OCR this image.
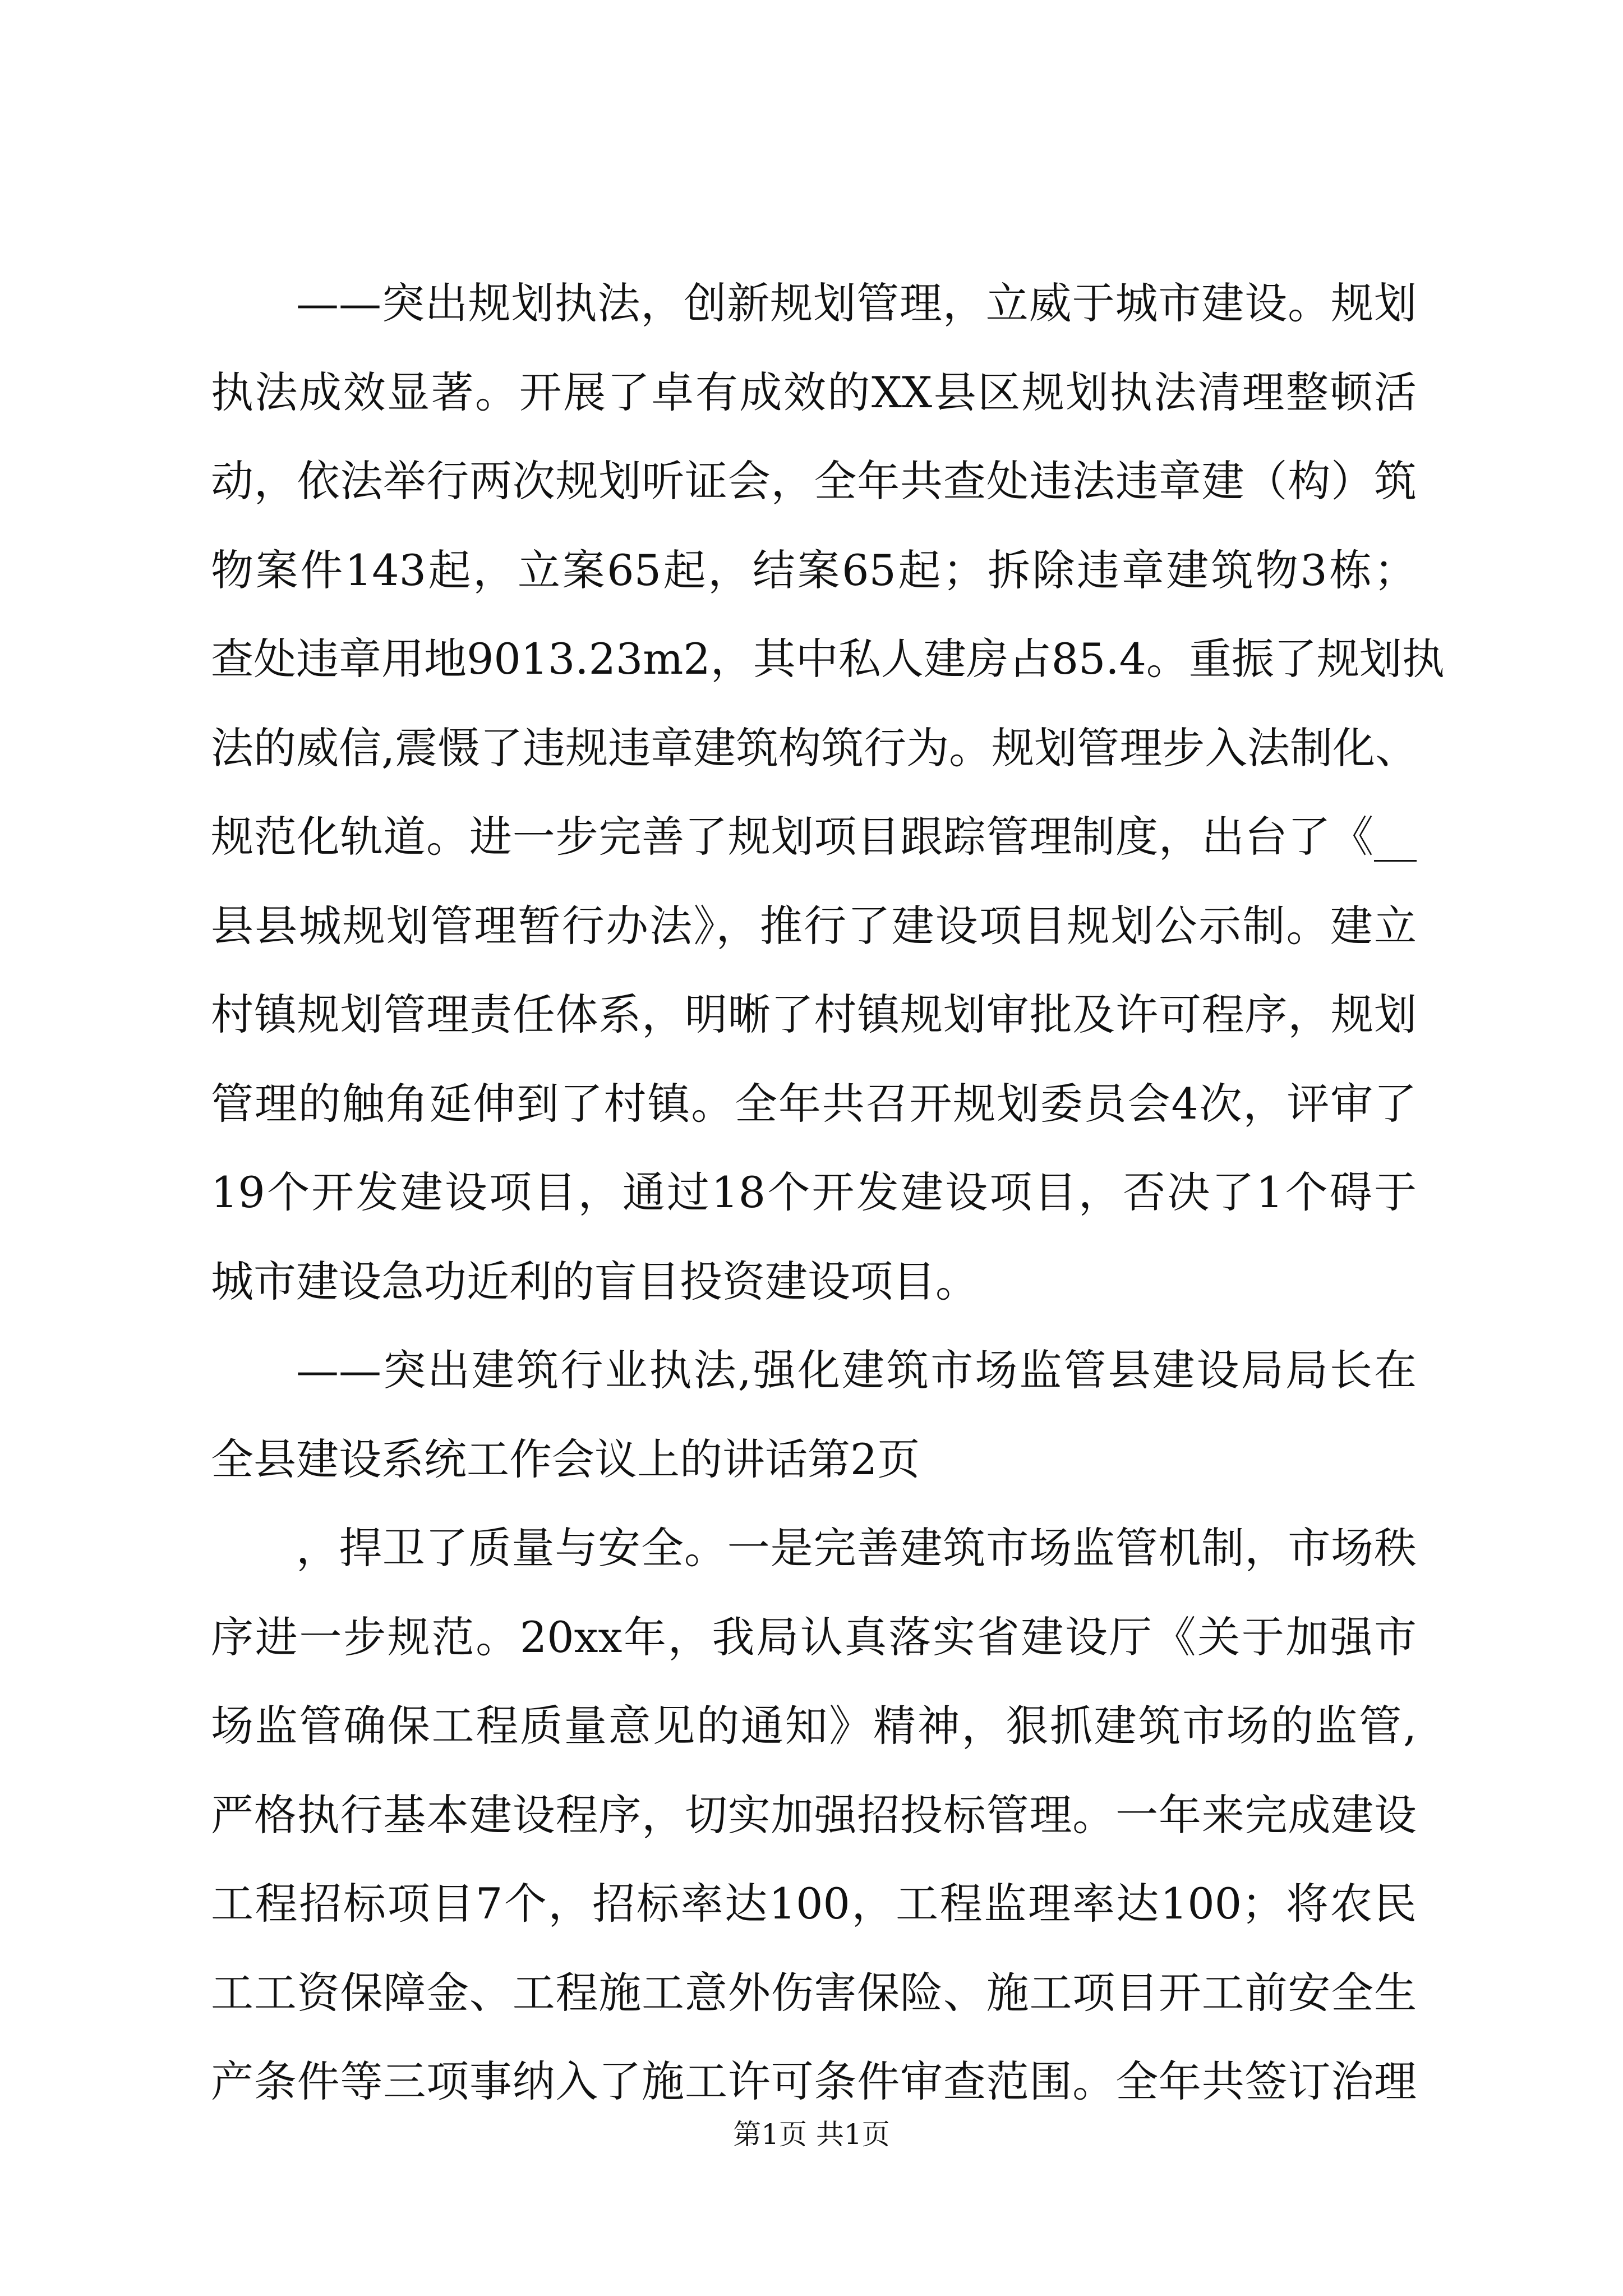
——突出规划执法，创新规划管理，立威于城市建设。规划
执法成效显著。开展了卓有成效的XX县区规划执法清理整顿活
动，依法举行两次规划听证会，全年共查处违法违章建（构）筑
物案件143起，立案65起，结案65起；拆除违章建筑物3栋；
查处违章用地9013.23m2，其中私人建房占85.4。重振了规划执
法的威信,震慑了违规违章建筑构筑行为。规划管理步入法制化、
规范化轨道。进一步完善了规划项目跟踪管理制度，出台了《__
县县城规划管理暂行办法》，推行了建设项目规划公示制。建立
村镇规划管理责任体系，明晰了村镇规划审批及许可程序，规划
管理的触角延伸到了村镇。全年共召开规划委员会4次，评审了
19个开发建设项目，通过18个开发建设项目，否决了1个碍于
城市建设急功近利的盲目投资建设项目。
——突出建筑行业执法,强化建筑市场监管县建设局局长在
全县建设系统工作会议上的讲话第2页
，捍卫了质量与安全。一是完善建筑市场监管机制，市场秩
序进一步规范。20xx年，我局认真落实省建设厅《关于加强市
场监管确保工程质量意见的通知》精神，狠抓建筑市场的监管,
严格执行基本建设程序，切实加强招投标管理。一年来完成建设
工程招标项目7个，招标率达100，工程监理率达100；将农民
工工资保障金、工程施工意外伤害保险、施工项目开工前安全生
产条件等三项事纳入了施工许可条件审查范围。全年共签订治理
第1页 共1页
